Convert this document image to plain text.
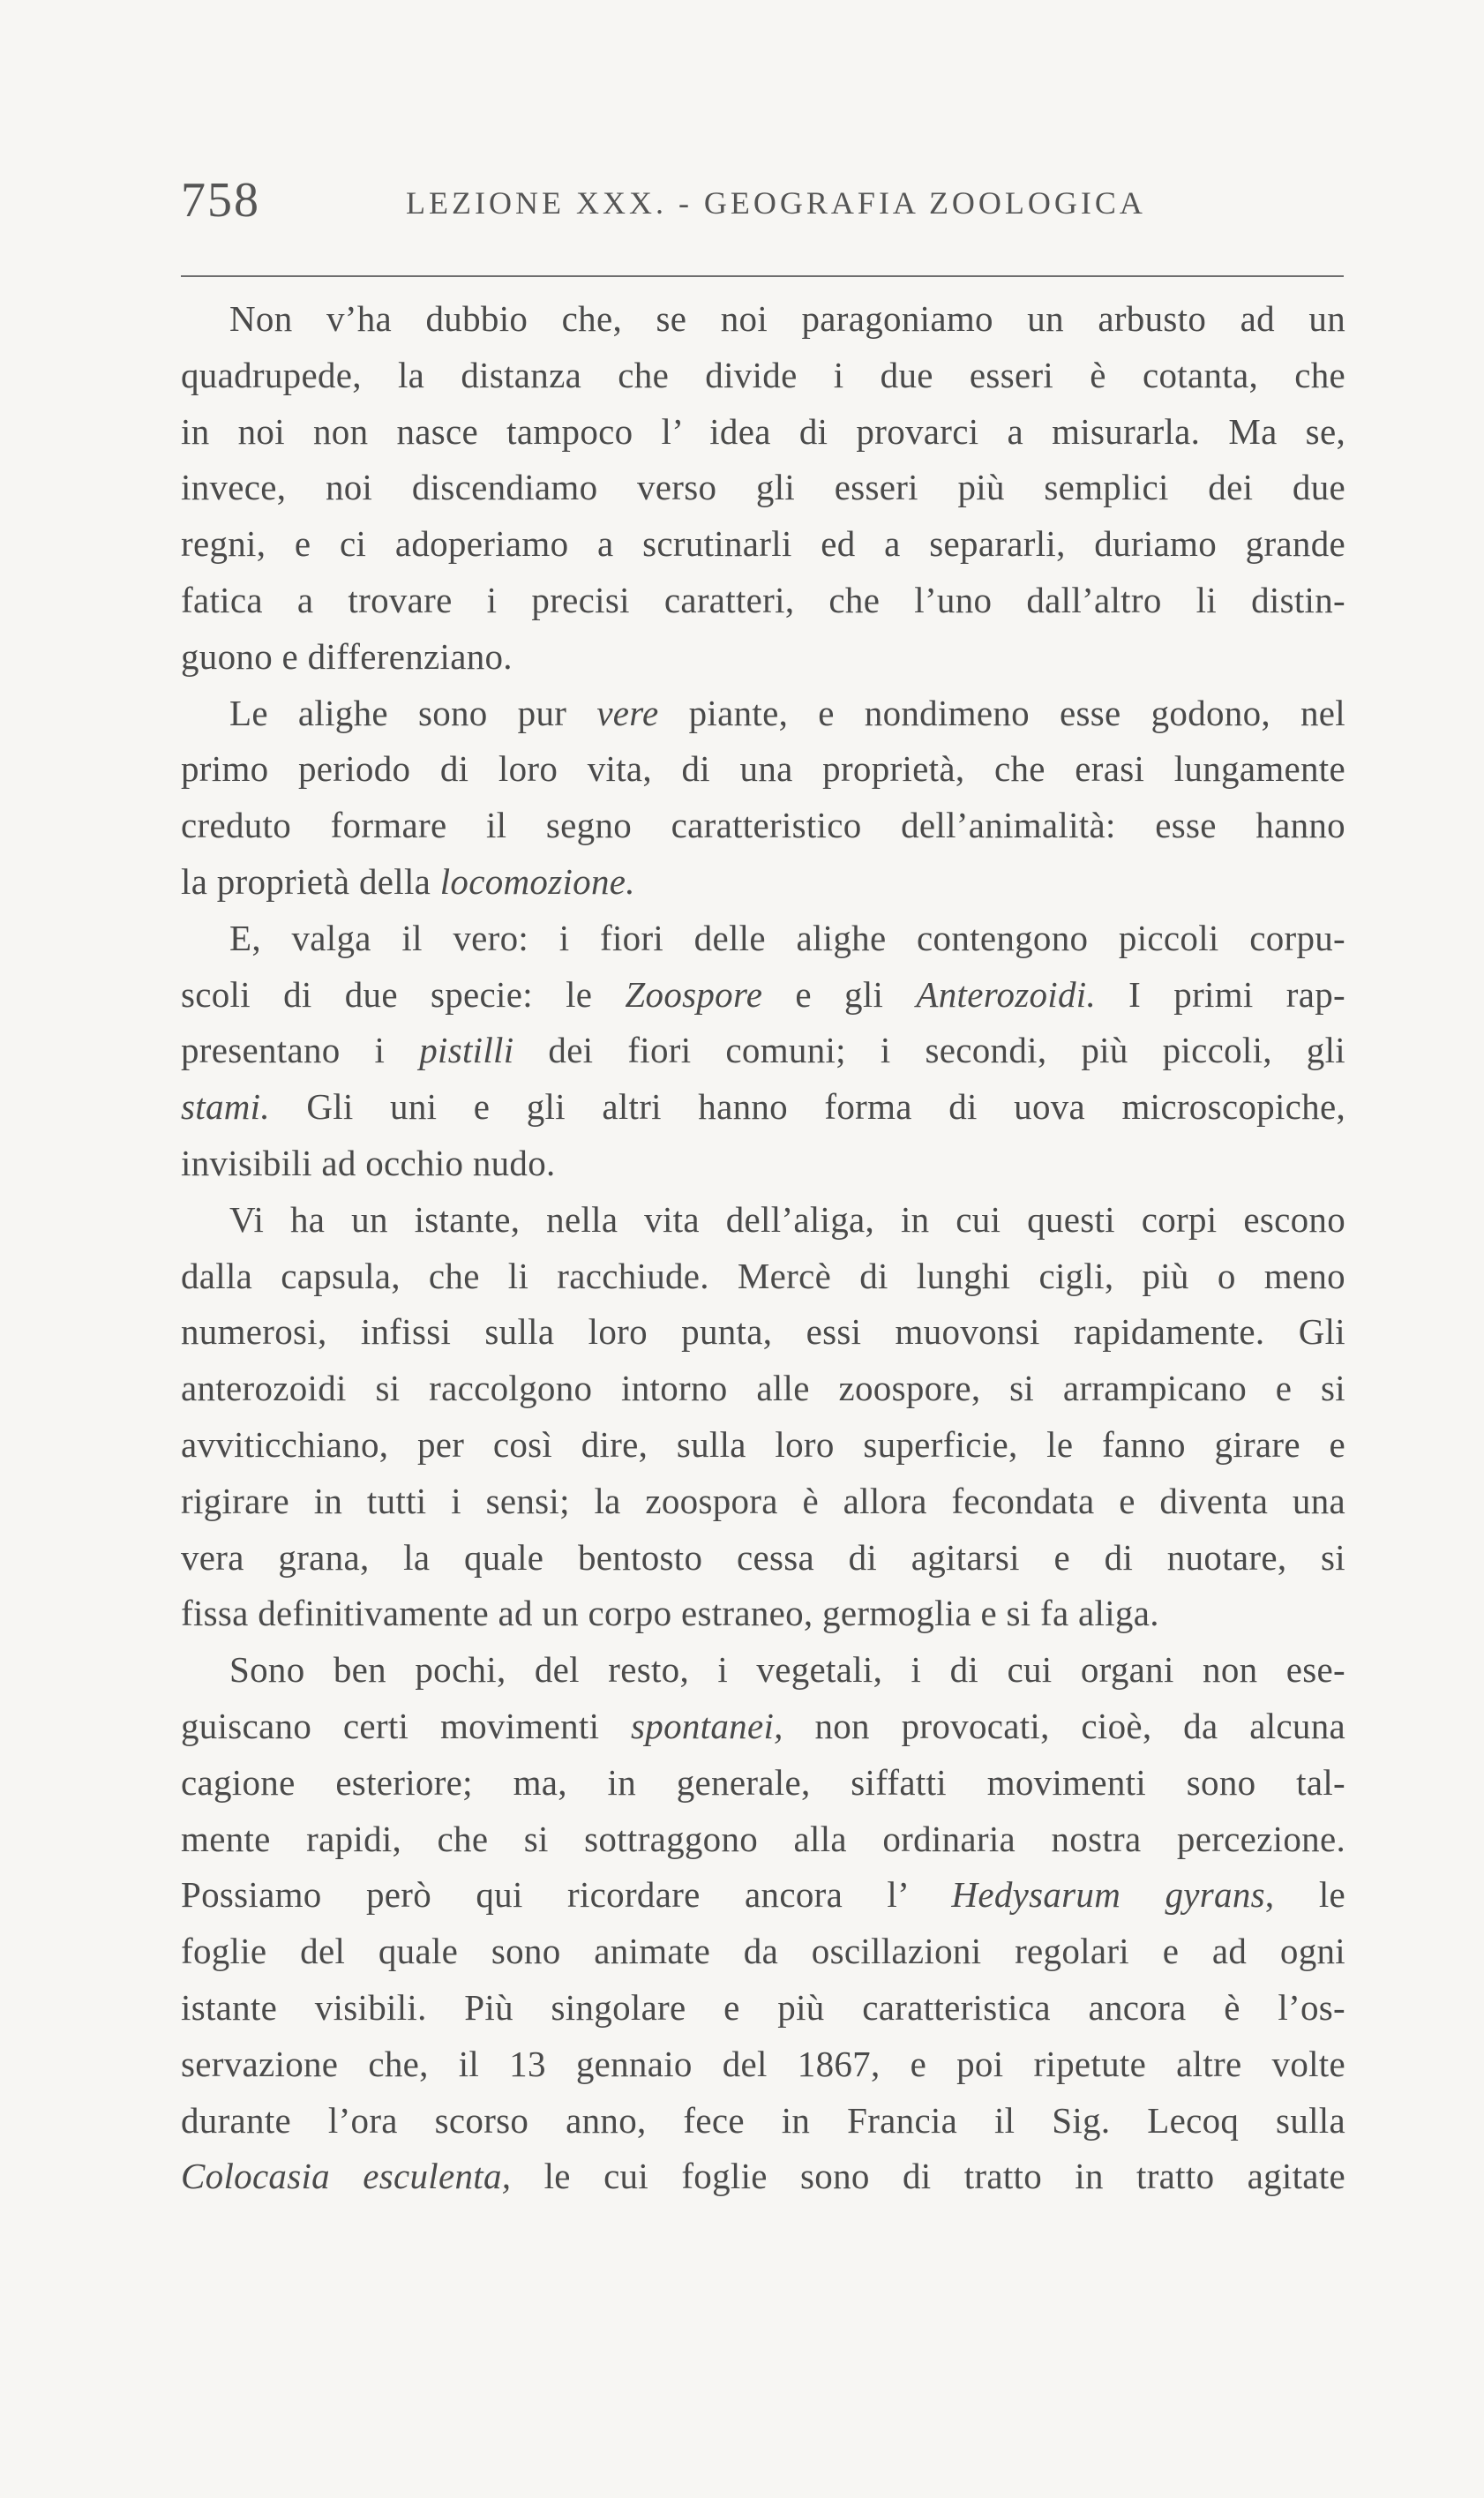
758	LEZIONE XXX. - GEOGRAFIA ZOOLOGICA
Non v’ha dubbio che, se noi paragoniamo un arbusto ad un
quadrupede, la distanza che divide i due esseri è cotanta, che
in noi non nasce tampoco l’ idea di provarci a misurarla. Ma se,
invece, noi discendiamo verso gli esseri più semplici dei due
regni, e ci adoperiamo a scrutinarli ed a separarli, duriamo grande
fatica a trovare i precisi caratteri, che l’uno dall’altro li distin-
guono e differenziano.
Le alighe sono pur vere piante, e nondimeno esse godono, nel
primo periodo di loro vita, di una proprietà, che erasi lungamente
creduto formare il segno caratteristico dell’animalità: esse hanno
la proprietà della locomozione.
E, valga il vero: i fiori delle alighe contengono piccoli corpu-
scoli di due specie: le Zoospore e gli Anterozoidi. I primi rap-
presentano i pistilli dei fiori comuni; i secondi, più piccoli, gli
stami. Gli uni e gli altri hanno forma di uova microscopiche,
invisibili ad occhio nudo.
Vi ha un istante, nella vita dell’aliga, in cui questi corpi escono
dalla capsula, che li racchiude. Mercè di lunghi cigli, più o meno
numerosi, infissi sulla loro punta, essi muovonsi rapidamente. Gli
anterozoidi si raccolgono intorno alle zoospore, si arrampicano e si
avviticchiano, per così dire, sulla loro superficie, le fanno girare e
rigirare in tutti i sensi; la zoospora è allora fecondata e diventa una
vera grana, la quale bentosto cessa di agitarsi e di nuotare, si
fissa definitivamente ad un corpo estraneo, germoglia e si fa aliga.
Sono ben pochi, del resto, i vegetali, i di cui organi non ese-
guiscano certi movimenti spontanei, non provocati, cioè, da alcuna
cagione esteriore; ma, in generale, siffatti movimenti sono tal-
mente rapidi, che si sottraggono alla ordinaria nostra percezione.
Possiamo però qui ricordare ancora l’ Hedysarum gyrans, le
foglie del quale sono animate da oscillazioni regolari e ad ogni
istante visibili. Più singolare e più caratteristica ancora è l’os-
servazione che, il 13 gennaio del 1867, e poi ripetute altre volte
durante l’ora scorso anno, fece in Francia il Sig. Lecoq sulla
Colocasia esculenta, le cui foglie sono di tratto in tratto agitate
